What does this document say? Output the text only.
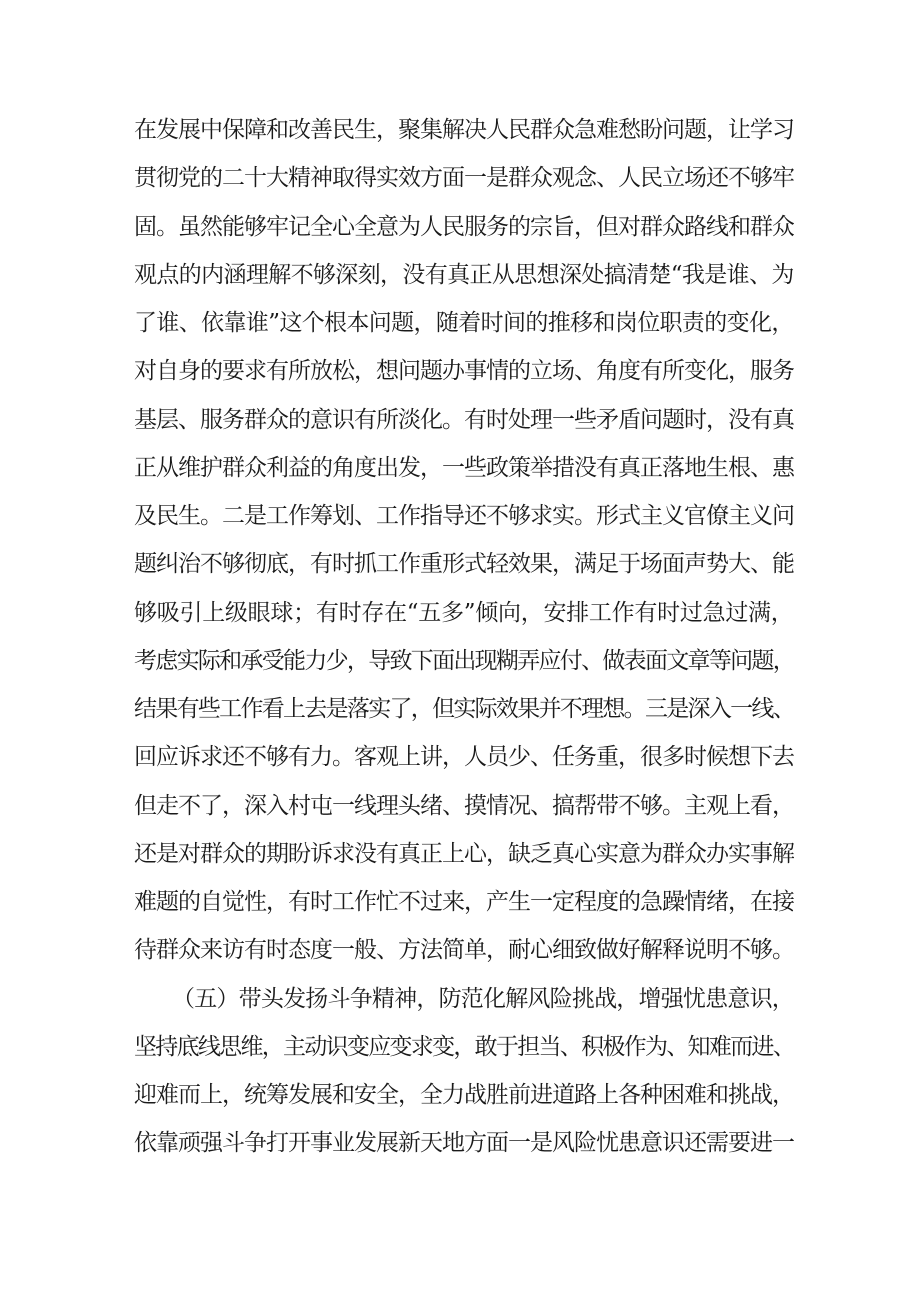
在发展中保障和改善民生，聚集解决人民群众急难愁盼问题，让学习
贯彻党的二十大精神取得实效方面一是群众观念、人民立场还不够牢
固。虽然能够牢记全心全意为人民服务的宗旨，但对群众路线和群众
观点的内涵理解不够深刻，没有真正从思想深处搞清楚“我是谁、为
了谁、依靠谁”这个根本问题，随着时间的推移和岗位职责的变化，
对自身的要求有所放松，想问题办事情的立场、角度有所变化，服务
基层、服务群众的意识有所淡化。有时处理一些矛盾问题时，没有真
正从维护群众利益的角度出发，一些政策举措没有真正落地生根、惠
及民生。二是工作筹划、工作指导还不够求实。形式主义官僚主义问
题纠治不够彻底，有时抓工作重形式轻效果，满足于场面声势大、能
够吸引上级眼球；有时存在“五多”倾向，安排工作有时过急过满，
考虑实际和承受能力少，导致下面出现糊弄应付、做表面文章等问题，
结果有些工作看上去是落实了，但实际效果并不理想。三是深入一线、
回应诉求还不够有力。客观上讲，人员少、任务重，很多时候想下去
但走不了，深入村屯一线理头绪、摸情况、搞帮带不够。主观上看，
还是对群众的期盼诉求没有真正上心，缺乏真心实意为群众办实事解
难题的自觉性，有时工作忙不过来，产生一定程度的急躁情绪，在接
待群众来访有时态度一般、方法简单，耐心细致做好解释说明不够。
（五）带头发扬斗争精神，防范化解风险挑战，增强忧患意识，
坚持底线思维，主动识变应变求变，敢于担当、积极作为、知难而进、
迎难而上，统筹发展和安全，全力战胜前进道路上各种困难和挑战，
依靠顽强斗争打开事业发展新天地方面一是风险忧患意识还需要进一
